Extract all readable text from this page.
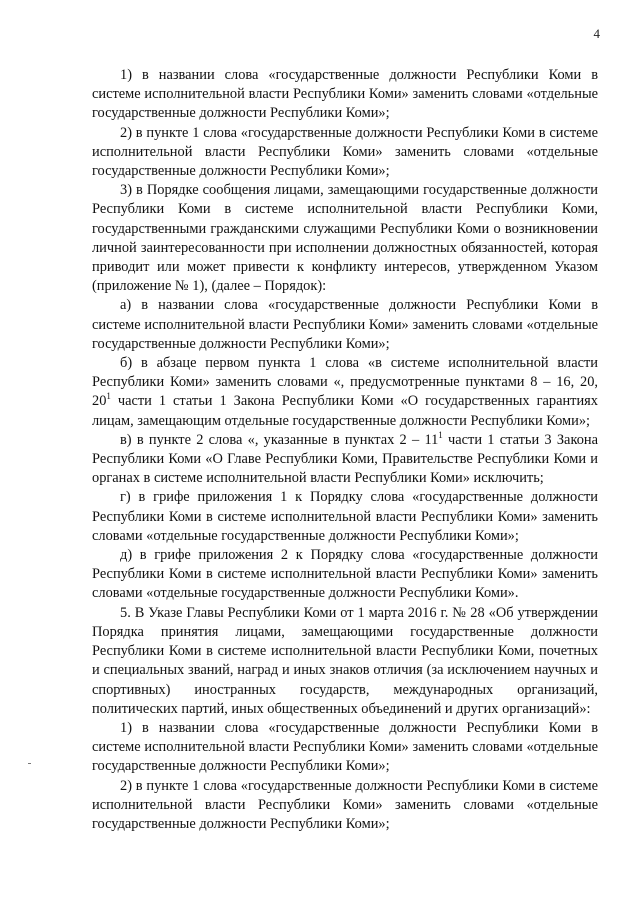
4

1) в названии слова «государственные должности Республики Коми в системе исполнительной власти Республики Коми» заменить словами «отдельные государственные должности Республики Коми»;

2) в пункте 1 слова «государственные должности Республики Коми в системе исполнительной власти Республики Коми» заменить словами «отдельные государственные должности Республики Коми»;

3) в Порядке сообщения лицами, замещающими государственные должности Республики Коми в системе исполнительной власти Республики Коми, государственными гражданскими служащими Республики Коми о возникновении личной заинтересованности при исполнении должностных обязанностей, которая приводит или может привести к конфликту интересов, утвержденном Указом (приложение № 1), (далее – Порядок):

а) в названии слова «государственные должности Республики Коми в системе исполнительной власти Республики Коми» заменить словами «отдельные государственные должности Республики Коми»;

б) в абзаце первом пункта 1 слова «в системе исполнительной власти Республики Коми» заменить словами «, предусмотренные пунктами 8 – 16, 20, $20^1$ части 1 статьи 1 Закона Республики Коми «О государственных гарантиях лицам, замещающим отдельные государственные должности Республики Коми»;

в) в пункте 2 слова «, указанные в пунктах $2 - 11^1$ части 1 статьи 3 Закона Республики Коми «О Главе Республики Коми, Правительстве Республики Коми и органах в системе исполнительной власти Республики Коми» исключить;

г) в грифе приложения 1 к Порядку слова «государственные должности Республики Коми в системе исполнительной власти Республики Коми» заменить словами «отдельные государственные должности Республики Коми»;

д) в грифе приложения 2 к Порядку слова «государственные должности Республики Коми в системе исполнительной власти Республики Коми» заменить словами «отдельные государственные должности Республики Коми».

5. В Указе Главы Республики Коми от 1 марта 2016 г. № 28 «Об утверждении Порядка принятия лицами, замещающими государственные должности Республики Коми в системе исполнительной власти Республики Коми, почетных и специальных званий, наград и иных знаков отличия (за исключением научных и спортивных) иностранных государств, международных организаций, политических партий, иных общественных объединений и других организаций»:

1) в названии слова «государственные должности Республики Коми в системе исполнительной власти Республики Коми» заменить словами «отдельные государственные должности Республики Коми»;

2) в пункте 1 слова «государственные должности Республики Коми в системе исполнительной власти Республики Коми» заменить словами «отдельные государственные должности Республики Коми»;
